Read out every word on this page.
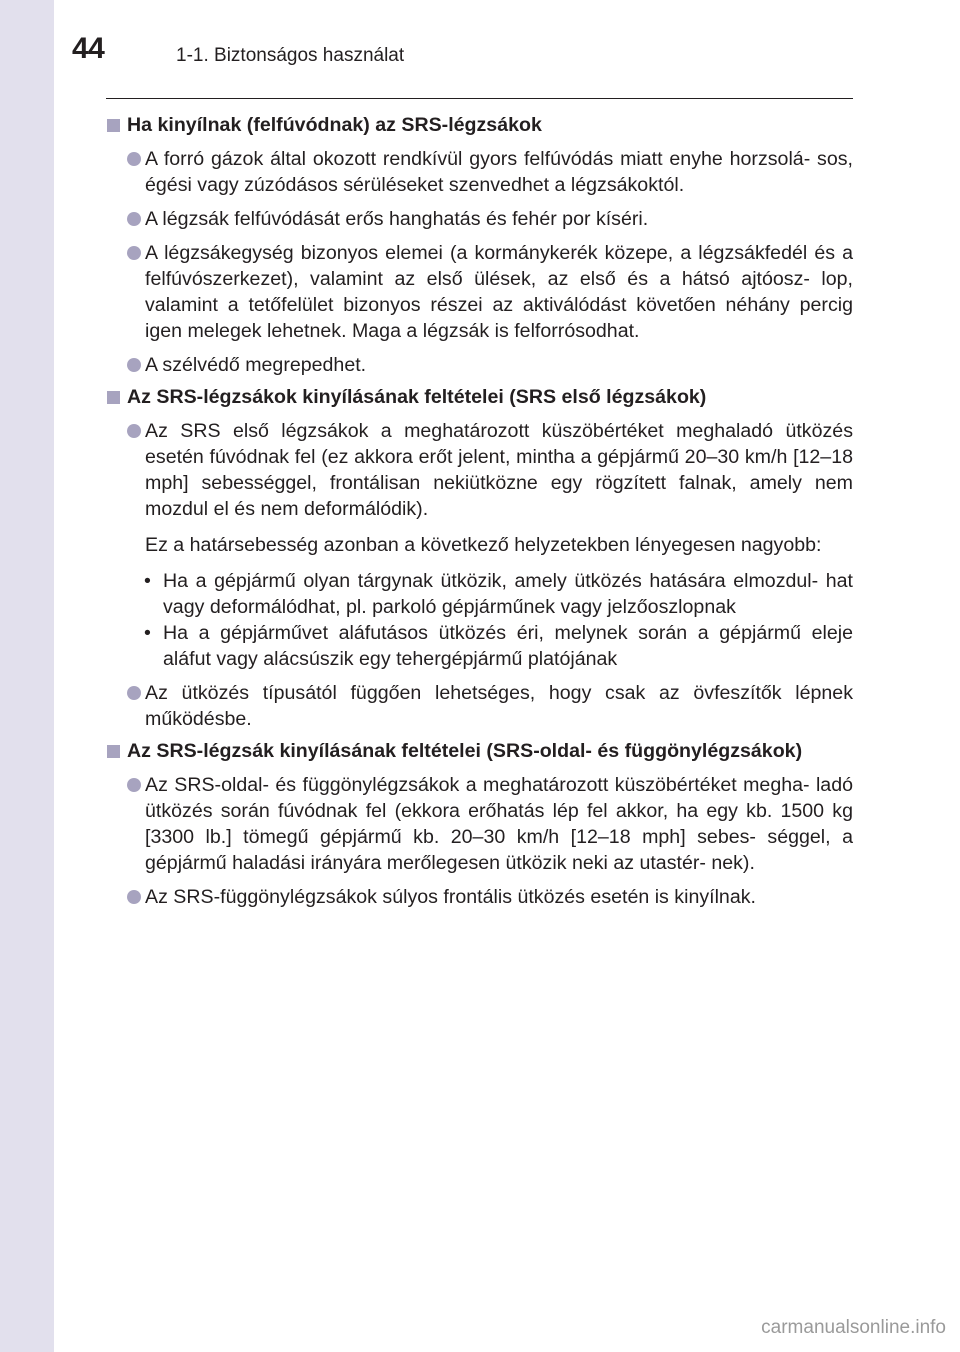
44	1-1. Biztonságos használat
Ha kinyílnak (felfúvódnak) az SRS-légzsákok
A forró gázok által okozott rendkívül gyors felfúvódás miatt enyhe horzsolá- sos, égési vagy zúzódásos sérüléseket szenvedhet a légzsákoktól.
A légzsák felfúvódását erős hanghatás és fehér por kíséri.
A légzsákegység bizonyos elemei (a kormánykerék közepe, a légzsákfedél és a felfúvószerkezet), valamint az első ülések, az első és a hátsó ajtóosz- lop, valamint a tetőfelület bizonyos részei az aktiválódást követően néhány percig igen melegek lehetnek. Maga a légzsák is felforrósodhat.
A szélvédő megrepedhet.
Az SRS-légzsákok kinyílásának feltételei (SRS első légzsákok)
Az SRS első légzsákok a meghatározott küszöbértéket meghaladó ütközés esetén fúvódnak fel (ez akkora erőt jelent, mintha a gépjármű 20–30 km/h [12–18 mph] sebességgel, frontálisan nekiütközne egy rögzített falnak, amely nem mozdul el és nem deformálódik).
Ez a határsebesség azonban a következő helyzetekben lényegesen nagyobb:
• Ha a gépjármű olyan tárgynak ütközik, amely ütközés hatására elmozdul- hat vagy deformálódhat, pl. parkoló gépjárműnek vagy jelzőoszlopnak
• Ha a gépjárművet aláfutásos ütközés éri, melynek során a gépjármű eleje aláfut vagy alácsúszik egy tehergépjármű platójának
Az ütközés típusától függően lehetséges, hogy csak az övfeszítők lépnek működésbe.
Az SRS-légzsák kinyílásának feltételei (SRS-oldal- és függönylégzsákok)
Az SRS-oldal- és függönylégzsákok a meghatározott küszöbértéket megha- ladó ütközés során fúvódnak fel (ekkora erőhatás lép fel akkor, ha egy kb. 1500 kg [3300 lb.] tömegű gépjármű kb. 20–30 km/h [12–18 mph] sebes- séggel, a gépjármű haladási irányára merőlegesen ütközik neki az utastér- nek).
Az SRS-függönylégzsákok súlyos frontális ütközés esetén is kinyílnak.
carmanualsonline.info
